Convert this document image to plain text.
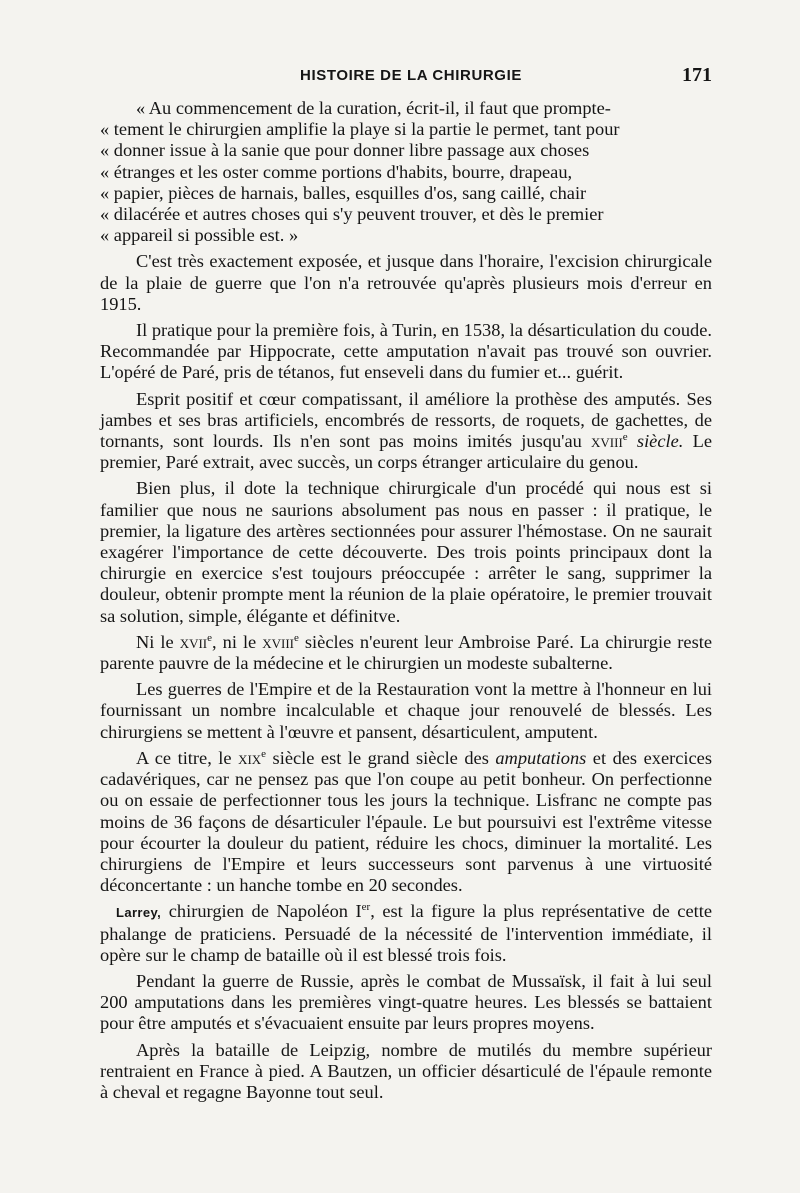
HISTOIRE DE LA CHIRURGIE	171

« Au commencement de la curation, écrit-il, il faut que prompte-
« tement le chirurgien amplifie la playe si la partie le permet, tant pour
« donner issue à la sanie que pour donner libre passage aux choses
« étranges et les oster comme portions d'habits, bourre, drapeau,
« papier, pièces de harnais, balles, esquilles d'os, sang caillé, chair
« dilacérée et autres choses qui s'y peuvent trouver, et dès le premier
« appareil si possible est. »

C'est très exactement exposée, et jusque dans l'horaire, l'excision chirurgicale de la plaie de guerre que l'on n'a retrouvée qu'après plusieurs mois d'erreur en 1915.

Il pratique pour la première fois, à Turin, en 1538, la désarticulation du coude. Recommandée par Hippocrate, cette amputation n'avait pas trouvé son ouvrier. L'opéré de Paré, pris de tétanos, fut enseveli dans du fumier et... guérit.

Esprit positif et cœur compatissant, il améliore la prothèse des amputés. Ses jambes et ses bras artificiels, encombrés de ressorts, de roquets, de gachettes, de tornants, sont lourds. Ils n'en sont pas moins imités jusqu'au xviii$^e$ siècle. Le premier, Paré extrait, avec succès, un corps étranger articulaire du genou.

Bien plus, il dote la technique chirurgicale d'un procédé qui nous est si familier que nous ne saurions absolument pas nous en passer : il pratique, le premier, la ligature des artères sectionnées pour assurer l'hémostase. On ne saurait exagérer l'importance de cette découverte. Des trois points principaux dont la chirurgie en exercice s'est toujours préoccupée : arrêter le sang, supprimer la douleur, obtenir prompte ment la réunion de la plaie opératoire, le premier trouvait sa solution, simple, élégante et définitve.

Ni le xvii$^e$, ni le xviii$^e$ siècles n'eurent leur Ambroise Paré. La chirurgie reste parente pauvre de la médecine et le chirurgien un modeste subalterne.

Les guerres de l'Empire et de la Restauration vont la mettre à l'honneur en lui fournissant un nombre incalculable et chaque jour renouvelé de blessés. Les chirurgiens se mettent à l'œuvre et pansent, désarticulent, amputent.

A ce titre, le xix$^e$ siècle est le grand siècle des amputations et des exercices cadavériques, car ne pensez pas que l'on coupe au petit bonheur. On perfectionne ou on essaie de perfectionner tous les jours la technique. Lisfranc ne compte pas moins de 36 façons de désarticuler l'épaule. Le but poursuivi est l'extrême vitesse pour écourter la douleur du patient, réduire les chocs, diminuer la mortalité. Les chirurgiens de l'Empire et leurs successeurs sont parvenus à une virtuosité déconcertante : un hanche tombe en 20 secondes.

Larrey, chirurgien de Napoléon Ier, est la figure la plus représentative de cette phalange de praticiens. Persuadé de la nécessité de l'intervention immédiate, il opère sur le champ de bataille où il est blessé trois fois.

Pendant la guerre de Russie, après le combat de Mussaïsk, il fait à lui seul 200 amputations dans les premières vingt-quatre heures. Les blessés se battaient pour être amputés et s'évacuaient ensuite par leurs propres moyens.

Après la bataille de Leipzig, nombre de mutilés du membre supérieur rentraient en France à pied. A Bautzen, un officier désarticulé de l'épaule remonte à cheval et regagne Bayonne tout seul.
